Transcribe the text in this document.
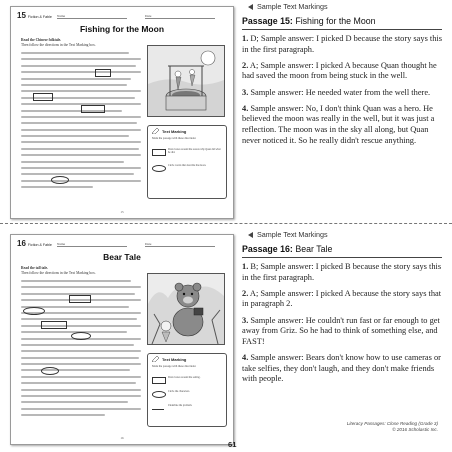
15 Fiction & Fable Name	Date
Fishing for the Moon
Read the Chinese folktale.
Then follow the directions in the Text Marking box.
Text Marking
Mark the passage with these directions:
Draw boxes around the reason why Quan did what he did.
Circle words that describe the moon.
15
Sample Text Markings
Passage 15: Fishing for the Moon

1. D; Sample answer: I picked D because the story says this in the first paragraph.

2. A; Sample answer: I picked A because Quan thought he had saved the moon from being stuck in the well.

3. Sample answer: He needed water from the well there.

4. Sample answer: No, I don't think Quan was a hero. He believed the moon was really in the well, but it was just a reflection. The moon was in the sky all along, but Quan never noticed it. So he really didn't rescue anything.

16 Fiction & Fable Name	Date
Bear Tale
Read the tall tale.
Then follow the directions in the Text Marking box.
Text Marking
Mark the passage with these directions:
Draw boxes around the setting.
Circle the characters.
Underline the problem.
16
Sample Text Markings
Passage 16: Bear Tale

1. B; Sample answer: I picked B because the story says this in the first paragraph.

2. A; Sample answer: I picked A because the story says that in paragraph 2.

3. Sample answer: He couldn't run fast or far enough to get away from Griz. So he had to think of something else, and FAST!

4. Sample answer: Bears don't know how to use cameras or take selfies, they don't laugh, and they don't make friends with people.

Literacy Passages: Close Reading (Grade 3)
© 2016 Scholastic Inc.
61
